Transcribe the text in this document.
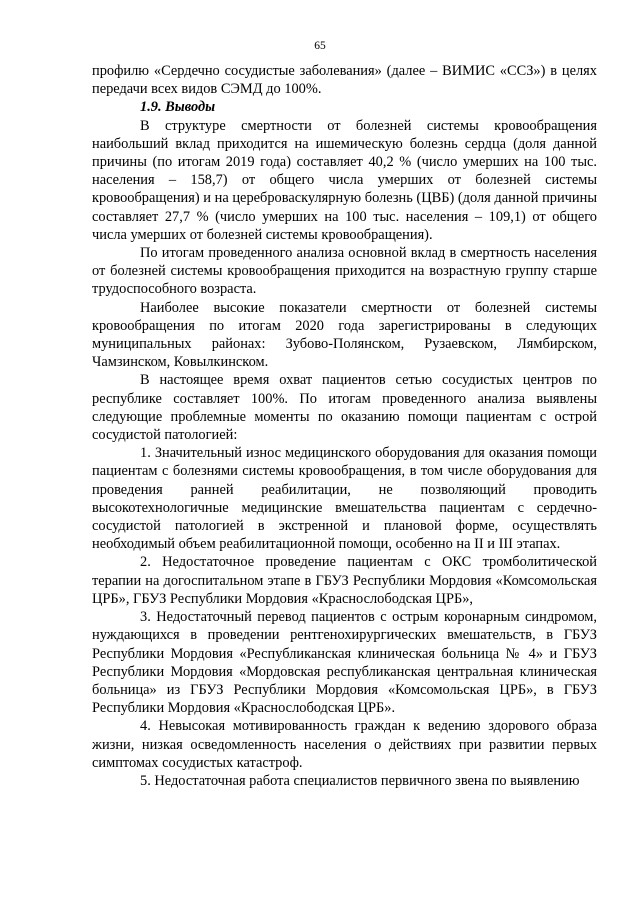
65

профилю «Сердечно сосудистые заболевания» (далее – ВИМИС «ССЗ») в целях передачи всех видов СЭМД до 100%.

1.9. Выводы

В структуре смертности от болезней системы кровообращения наибольший вклад приходится на ишемическую болезнь сердца (доля данной причины (по итогам 2019 года) составляет 40,2 % (число умерших на 100 тыс. населения – 158,7) от общего числа умерших от болезней системы кровообращения) и на цереброваскулярную болезнь (ЦВБ) (доля данной причины составляет 27,7 % (число умерших на 100 тыс. населения – 109,1) от общего числа умерших от болезней системы кровообращения).

По итогам проведенного анализа основной вклад в смертность населения от болезней системы кровообращения приходится на возрастную группу старше трудоспособного возраста.

Наиболее высокие показатели смертности от болезней системы кровообращения по итогам 2020 года зарегистрированы в следующих муниципальных районах: Зубово-Полянском, Рузаевском, Лямбирском, Чамзинском, Ковылкинском.

В настоящее время охват пациентов сетью сосудистых центров по республике составляет 100%. По итогам проведенного анализа выявлены следующие проблемные моменты по оказанию помощи пациентам с острой сосудистой патологией:

1. Значительный износ медицинского оборудования для оказания помощи пациентам с болезнями системы кровообращения, в том числе оборудования для проведения ранней реабилитации, не позволяющий проводить высокотехнологичные медицинские вмешательства пациентам с сердечно-сосудистой патологией в экстренной и плановой форме, осуществлять необходимый объем реабилитационной помощи, особенно на II и III этапах.

2. Недостаточное проведение пациентам с ОКС тромболитической терапии на догоспитальном этапе в ГБУЗ Республики Мордовия «Комсомольская ЦРБ», ГБУЗ Республики Мордовия «Краснослободская ЦРБ»,

3. Недостаточный перевод пациентов с острым коронарным синдромом, нуждающихся в проведении рентгенохирургических вмешательств, в ГБУЗ Республики Мордовия «Республиканская клиническая больница № 4» и ГБУЗ Республики Мордовия «Мордовская республиканская центральная клиническая больница» из ГБУЗ Республики Мордовия «Комсомольская ЦРБ», в ГБУЗ Республики Мордовия «Краснослободская ЦРБ».

4. Невысокая мотивированность граждан к ведению здорового образа жизни, низкая осведомленность населения о действиях при развитии первых симптомах сосудистых катастроф.

5. Недостаточная работа специалистов первичного звена по выявлению
